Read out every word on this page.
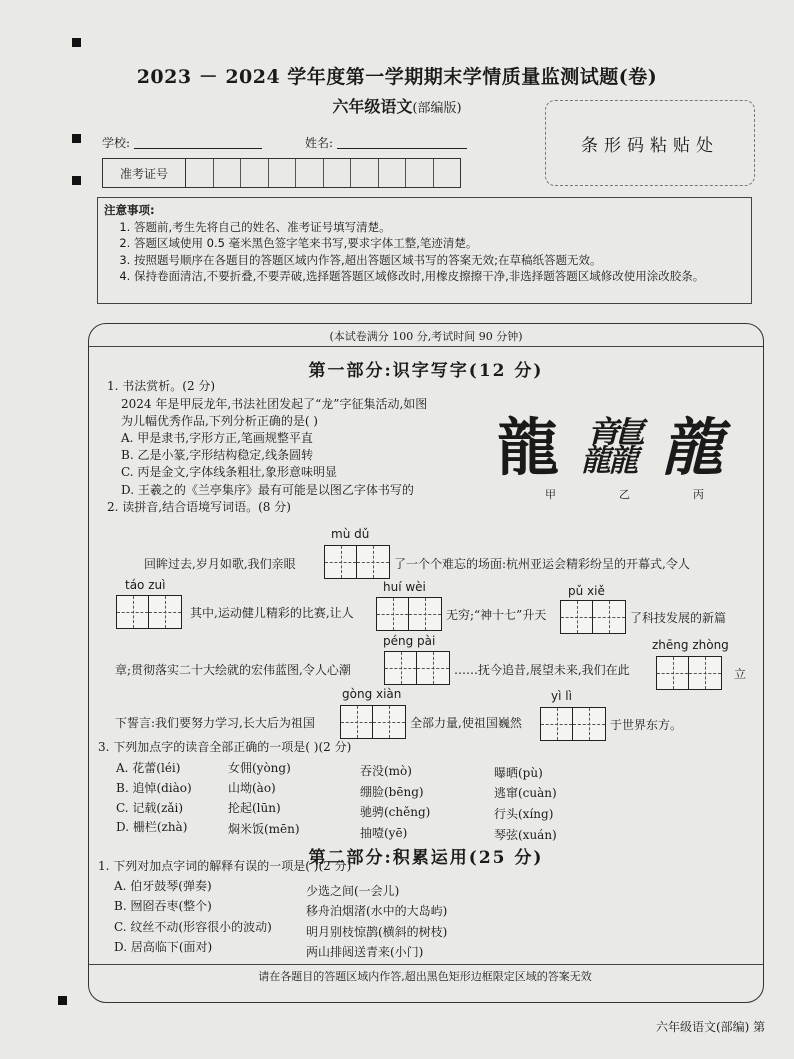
2023 － 2024 学年度第一学期期末学情质量监测试题(卷)
六年级语文(部编版)
条形码粘贴处
学校:	姓名:
准考证号
注意事项:
1. 答题前,考生先将自己的姓名、准考证号填写清楚。
2. 答题区域使用 0.5 毫米黑色签字笔来书写,要求字体工整,笔迹清楚。
3. 按照题号顺序在各题目的答题区域内作答,超出答题区域书写的答案无效;在草稿纸答题无效。
4. 保持卷面清洁,不要折叠,不要弄破,选择题答题区域修改时,用橡皮擦擦干净,非选择题答题区域修改使用涂改胶条。
(本试卷满分 100 分,考试时间 90 分钟)
第一部分:识字写字(12 分)
1. 书法赏析。(2 分)
2024 年是甲辰龙年,书法社团发起了“龙”字征集活动,如图
为儿幅优秀作品,下列分析正确的是( )
A. 甲是隶书,字形方正,笔画规整平直
B. 乙是小篆,字形结构稳定,线条圆转
C. 丙是金文,字体线条粗壮,象形意味明显
D. 王羲之的《兰亭集序》最有可能是以图乙字体书写的
龍 龘 龍
甲	乙	丙
2. 读拼音,结合语境写词语。(8 分)
mù dǔ
回眸过去,岁月如歌,我们亲眼	了一个个难忘的场面:杭州亚运会精彩纷呈的开幕式,令人
táo zuì
其中,运动健儿精彩的比赛,让人
huí wèi
无穷;“神十七”升天
pǔ xiě
了科技发展的新篇
péng pài
章;贯彻落实二十大绘就的宏伟蓝图,令人心潮	……抚今追昔,展望未来,我们在此
zhēng zhòng
立
gòng xiàn
下誓言:我们要努力学习,长大后为祖国	全部力量,使祖国巍然
yì lì
于世界东方。
3. 下列加点字的读音全部正确的一项是( )(2 分)
A. 花蕾(léi)	女佣(yòng)	吞没(mò)	曝晒(pù)
B. 追悼(diào)	山坳(ào)	绷脸(bēng)	逃窜(cuàn)
C. 记载(zǎi)	抡起(lūn)	驰骋(chěng)	行头(xíng)
D. 栅栏(zhà)	焖米饭(mēn)	抽噎(yē)	琴弦(xuán)
第二部分:积累运用(25 分)
1. 下列对加点字词的解释有误的一项是( )(2 分)
A. 伯牙鼓琴(弹奏)	少选之间(一会儿)
B. 囫囵吞枣(整个)	移舟泊烟渚(水中的大岛屿)
C. 纹丝不动(形容很小的波动)	明月别枝惊鹊(横斜的树枝)
D. 居高临下(面对)	两山排闼送青来(小门)
请在各题目的答题区域内作答,超出黑色矩形边框限定区域的答案无效
六年级语文(部编) 第
